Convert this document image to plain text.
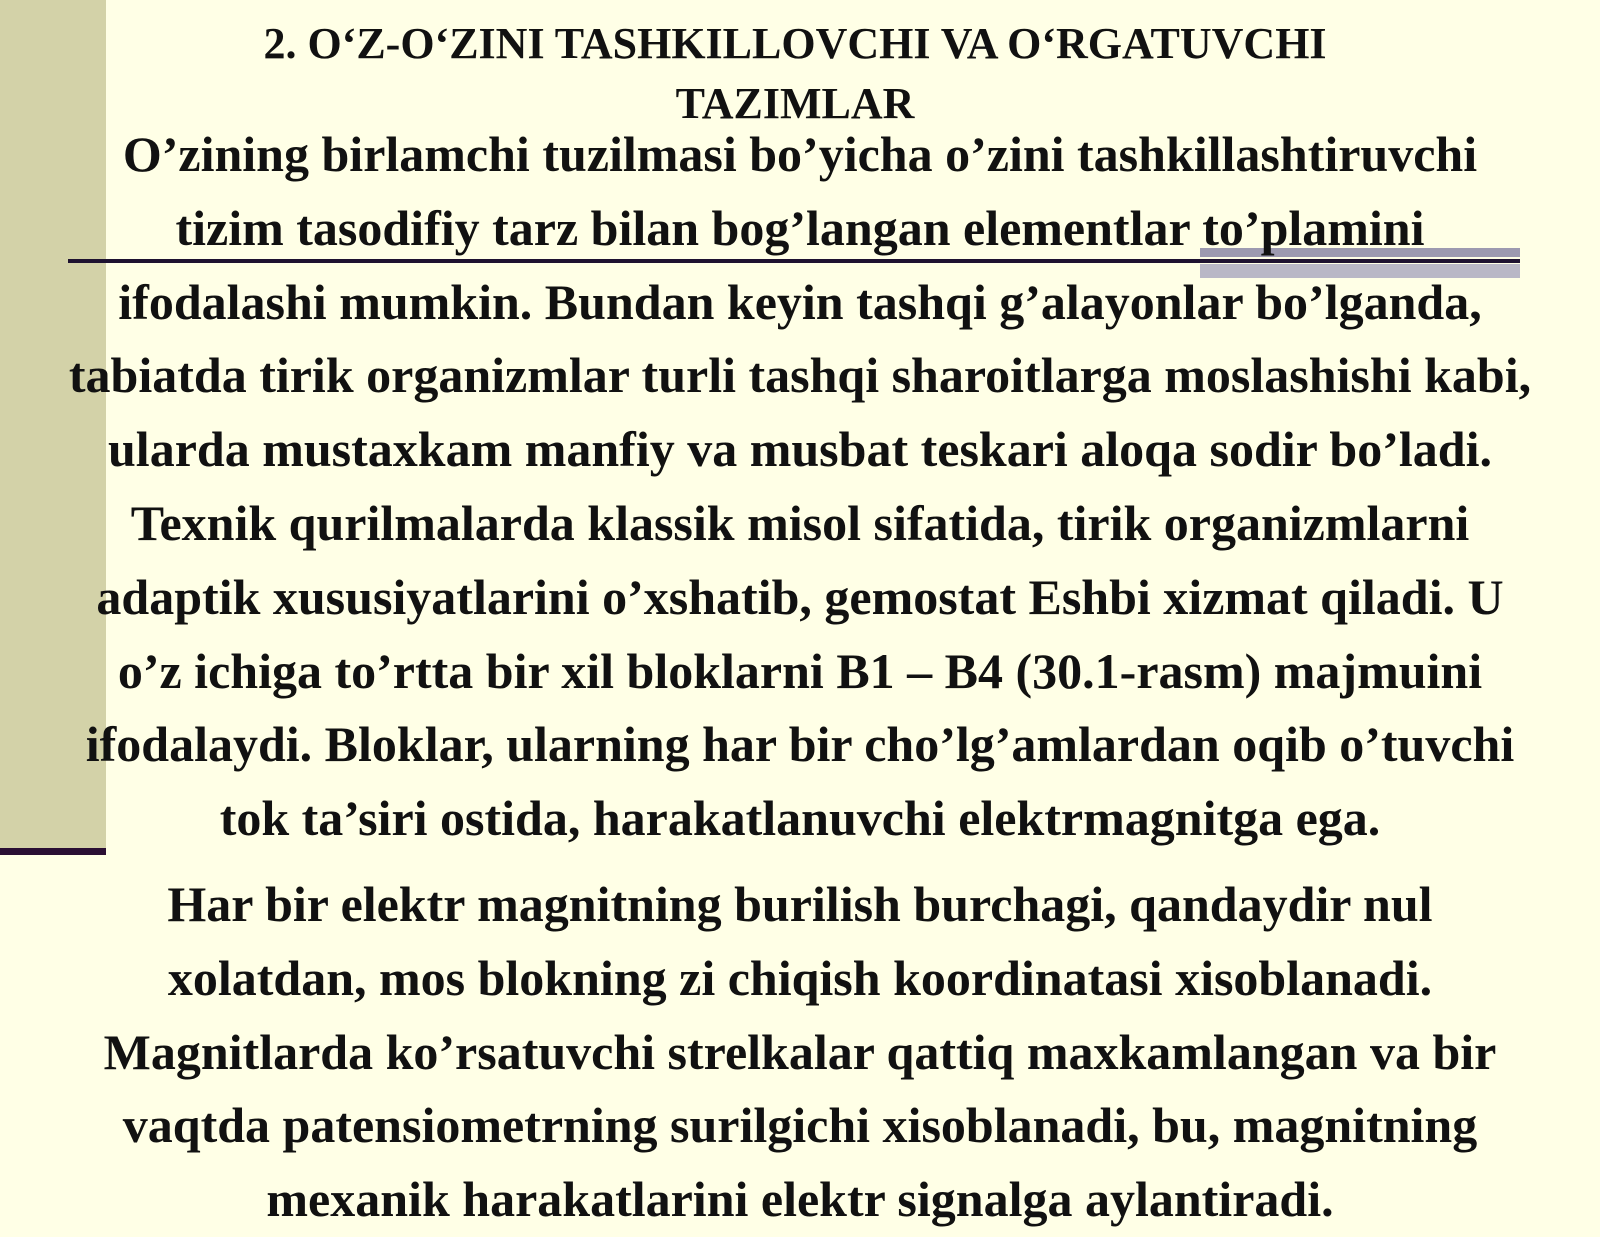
2. O‘Z-O‘ZINI TASHKILLOVCHI VA O‘RGATUVCHI
TAZIMLAR
O’zining birlamchi tuzilmasi bo’yicha o’zini tashkillashtiruvchi
tizim tasodifiy tarz bilan bog’langan elementlar to’plamini
ifodalashi mumkin. Bundan keyin tashqi g’alayonlar bo’lganda,
tabiatda tirik organizmlar turli tashqi sharoitlarga moslashishi kabi,
ularda mustaxkam manfiy va musbat teskari aloqa sodir bo’ladi.
Texnik qurilmalarda klassik misol sifatida, tirik organizmlarni
adaptik xususiyatlarini o’xshatib, gemostat Eshbi xizmat qiladi. U
o’z ichiga to’rtta bir xil bloklarni B1 – B4 (30.1-rasm) majmuini
ifodalaydi. Bloklar, ularning har bir cho’lg’amlardan oqib o’tuvchi
tok ta’siri ostida, harakatlanuvchi elektrmagnitga ega.
Har bir elektr magnitning burilish burchagi, qandaydir nul
xolatdan, mos blokning zi chiqish koordinatasi xisoblanadi.
Magnitlarda ko’rsatuvchi strelkalar qattiq maxkamlangan va bir
vaqtda patensiometrning surilgichi xisoblanadi, bu, magnitning
mexanik harakatlarini elektr signalga aylantiradi.
